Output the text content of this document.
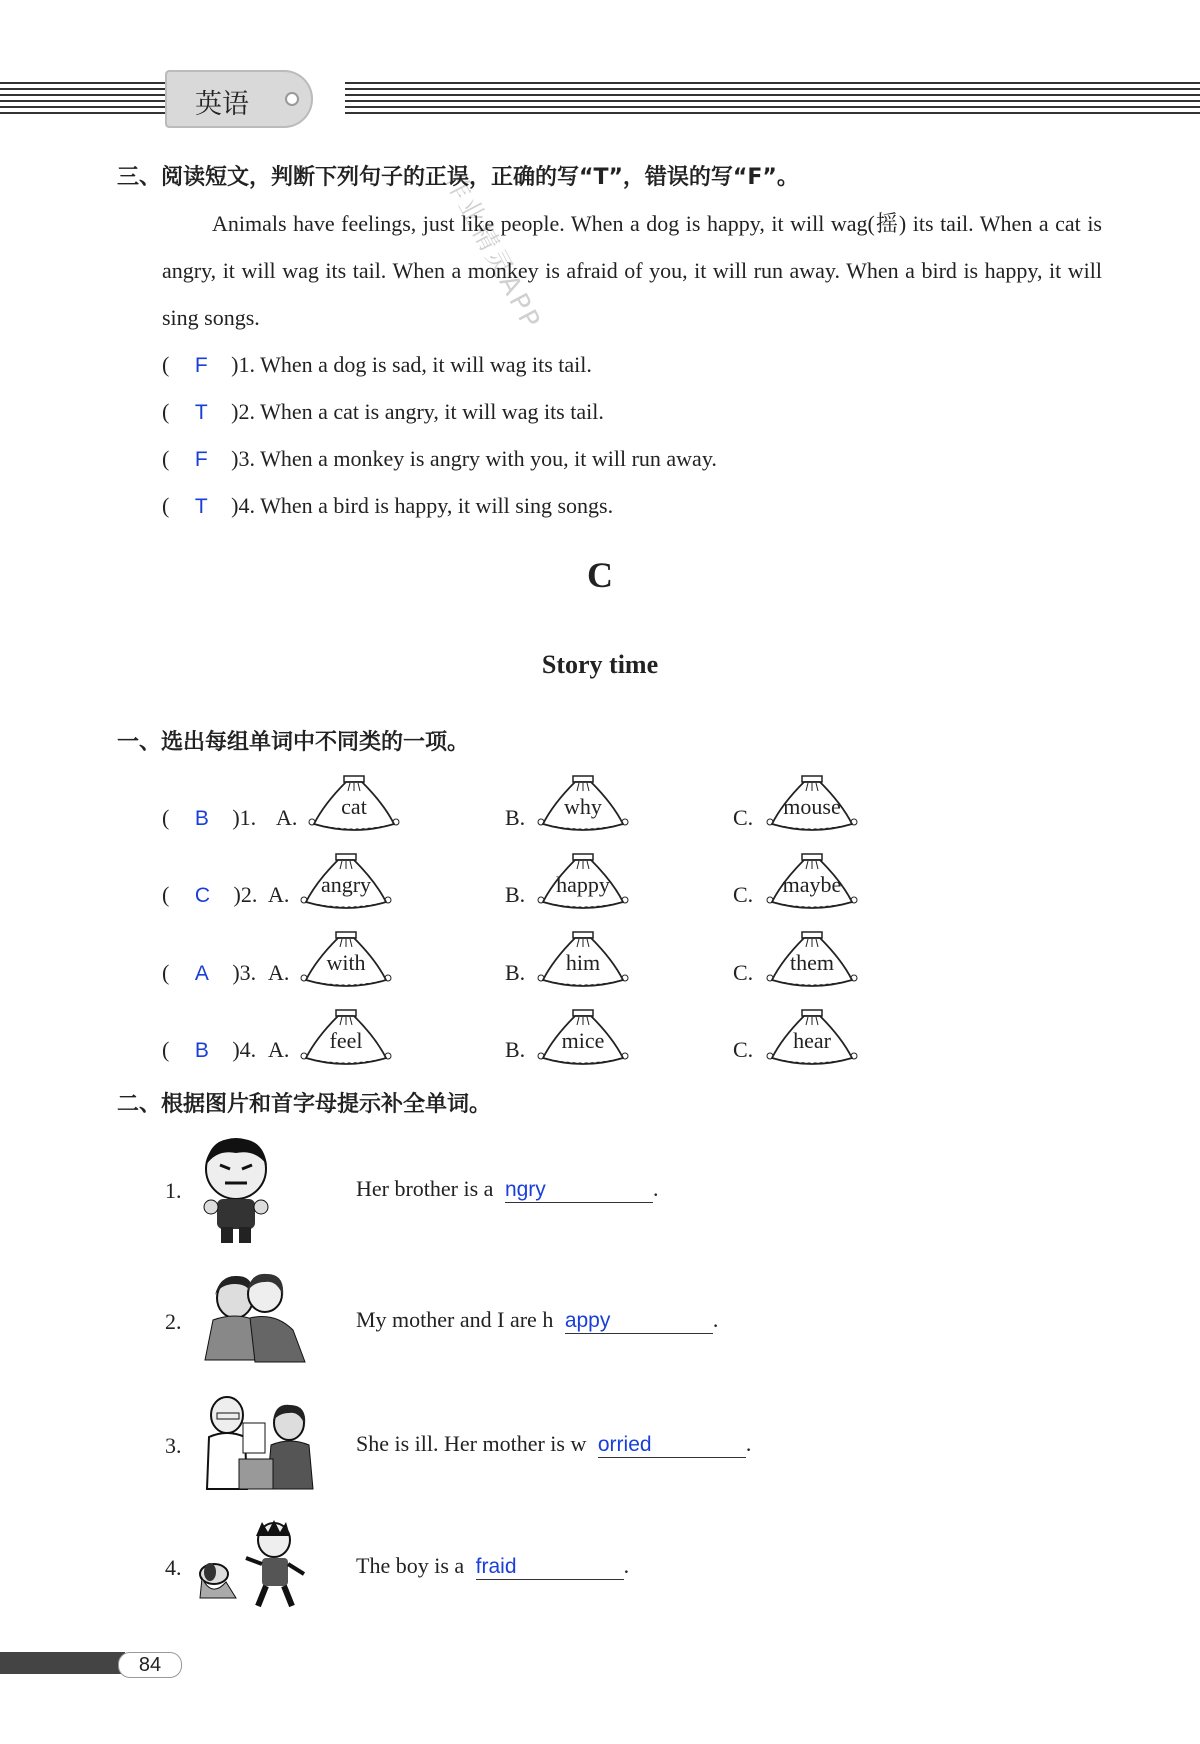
英语
作业精灵APP
三、阅读短文，判断下列句子的正误，正确的写“T”，错误的写“F”。
Animals have feelings, just like people. When a dog is happy, it will wag(摇) its tail. When a cat is angry, it will wag its tail. When a monkey is afraid of you, it will run away. When a bird is happy, it will sing songs.
( F )1. When a dog is sad, it will wag its tail.
( T )2. When a cat is angry, it will wag its tail.
( F )3. When a monkey is angry with you, it will run away.
( T )4. When a bird is happy, it will sing songs.
C
Story time
一、选出每组单词中不同类的一项。
( B )1. A.	B.	C.
cat	why	mouse
( C )2. A.	B.	C.
angry	happy	maybe
( A )3. A.	B.	C.
with	him	them
( B )4. A.	B.	C.
feel	mice	hear
二、根据图片和首字母提示补全单词。
1.	Her brother is a ngry	.
2.	My mother and I are h appy	.
3.	She is ill. Her mother is w orried	.
4.	The boy is a fraid	.
84
